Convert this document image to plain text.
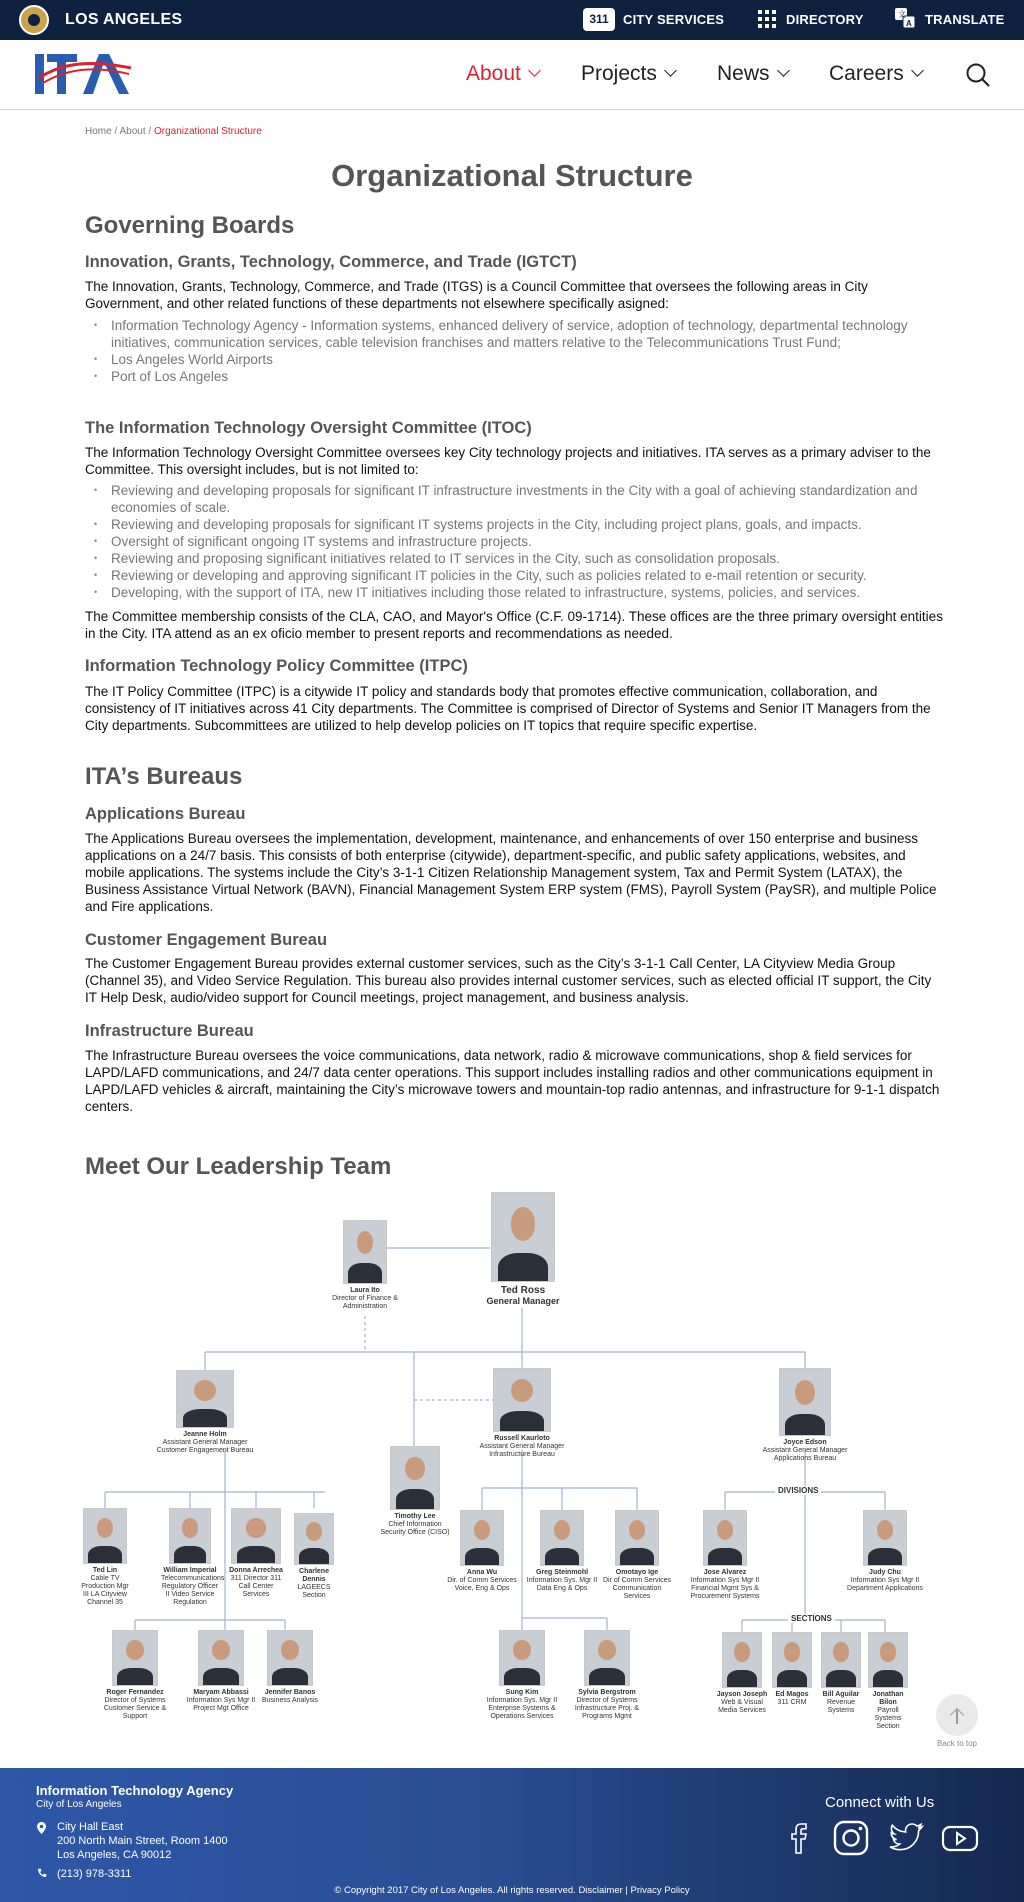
LOS ANGELES	311	CITY SERVICES	DIRECTORY	文
A TRANSLATE
About	Projects	News	Careers
Home / About / Organizational Structure
Organizational Structure
Governing Boards
Innovation, Grants, Technology, Commerce, and Trade (IGTCT)

The Innovation, Grants, Technology, Commerce, and Trade (ITGS) is a Council Committee that oversees the following areas in City Government, and other related functions of these departments not elsewhere specifically asigned:

• Information Technology Agency - Information systems, enhanced delivery of service, adoption of technology, departmental technology initiatives, communication services, cable television franchises and matters relative to the Telecommunications Trust Fund;
• Los Angeles World Airports
• Port of Los Angeles
The Information Technology Oversight Committee (ITOC)

The Information Technology Oversight Committee oversees key City technology projects and initiatives. ITA serves as a primary adviser to the Committee. This oversight includes, but is not limited to:

• Reviewing and developing proposals for significant IT infrastructure investments in the City with a goal of achieving standardization and economies of scale.
• Reviewing and developing proposals for significant IT systems projects in the City, including project plans, goals, and impacts.
• Oversight of significant ongoing IT systems and infrastructure projects.
• Reviewing and proposing significant initiatives related to IT services in the City, such as consolidation proposals.
• Reviewing or developing and approving significant IT policies in the City, such as policies related to e-mail retention or security.
• Developing, with the support of ITA, new IT initiatives including those related to infrastructure, systems, policies, and services.

The Committee membership consists of the CLA, CAO, and Mayor's Office (C.F. 09-1714). These offices are the three primary oversight entities in the City. ITA attend as an ex oficio member to present reports and recommendations as needed.

Information Technology Policy Committee (ITPC)

The IT Policy Committee (ITPC) is a citywide IT policy and standards body that promotes effective communication, collaboration, and consistency of IT initiatives across 41 City departments. The Committee is comprised of Director of Systems and Senior IT Managers from the City departments. Subcommittees are utilized to help develop policies on IT topics that require specific expertise.

ITA’s Bureaus
Applications Bureau

The Applications Bureau oversees the implementation, development, maintenance, and enhancements of over 150 enterprise and business applications on a 24/7 basis. This consists of both enterprise (citywide), department-specific, and public safety applications, websites, and mobile applications. The systems include the City’s 3-1-1 Citizen Relationship Management system, Tax and Permit System (LATAX), the Business Assistance Virtual Network (BAVN), Financial Management System ERP system (FMS), Payroll System (PaySR), and multiple Police and Fire applications.

Customer Engagement Bureau

The Customer Engagement Bureau provides external customer services, such as the City’s 3-1-1 Call Center, LA Cityview Media Group (Channel 35), and Video Service Regulation. This bureau also provides internal customer services, such as elected official IT support, the City IT Help Desk, audio/video support for Council meetings, project management, and business analysis.

Infrastructure Bureau

The Infrastructure Bureau oversees the voice communications, data network, radio & microwave communications, shop & field services for LAPD/LAFD communications, and 24/7 data center operations. This support includes installing radios and other communications equipment in LAPD/LAFD vehicles & aircraft, maintaining the City’s microwave towers and mountain-top radio antennas, and infrastructure for 9-1-1 dispatch centers.

Meet Our Leadership Team
Ted Ross
General Manager
Laura Ito
Director of Finance & Administration
Jeanne Holm
Assistant General Manager Customer Engagement Bureau
Russell Kaurloto
Assistant General Manager Infrastructure Bureau
Joyce Edson
Assistant General Manager Applications Bureau
Timothy Lee
Chief Information Security Office (CISO)
DIVISIONS
SECTIONS
Ted Lin
Cable TV Production Mgr III LA Cityview Channel 35
William Imperial
Telecommunications Regulatory Officer II Video Service Regulation
Donna Arrechea
311 Director 311 Call Center Services
Charlene Dennis
LAGEECS Section
Roger Fernandez
Director of Systems Customer Service & Support
Maryam Abbassi
Information Sys Mgr II Project Mgt Office
Jennifer Banos
Business Analysis
Anna Wu
Dir. of Comm Services Voice, Eng & Ops
Greg Steinmohl
Information Sys. Mgr II Data Eng & Ops
Omotayo Ige
Dir of Comm Services Communication Services
Sung Kim
Information Sys. Mgr II Enterprise Systems & Operations Services
Sylvia Bergstrom
Director of Systems Infrastructure Proj. & Programs Mgmt
Jose Alvarez
Information Sys Mgr II Financial Mgmt Sys & Procurement Systems
Judy Chu
Information Sys Mgr II Department Applications
Jayson Joseph
Web & Visual Media Services
Ed Magos
311 CRM
Bill Aguilar
Revenue Systems
Jonathan Bilon
Payroll Systems Section
Back to top
Information Technology Agency
City of Los Angeles
City Hall East
200 North Main Street, Room 1400
Los Angeles, CA 90012
(213) 978-3311
Connect with Us
© Copyright 2017 City of Los Angeles. All rights reserved. Disclaimer | Privacy Policy
